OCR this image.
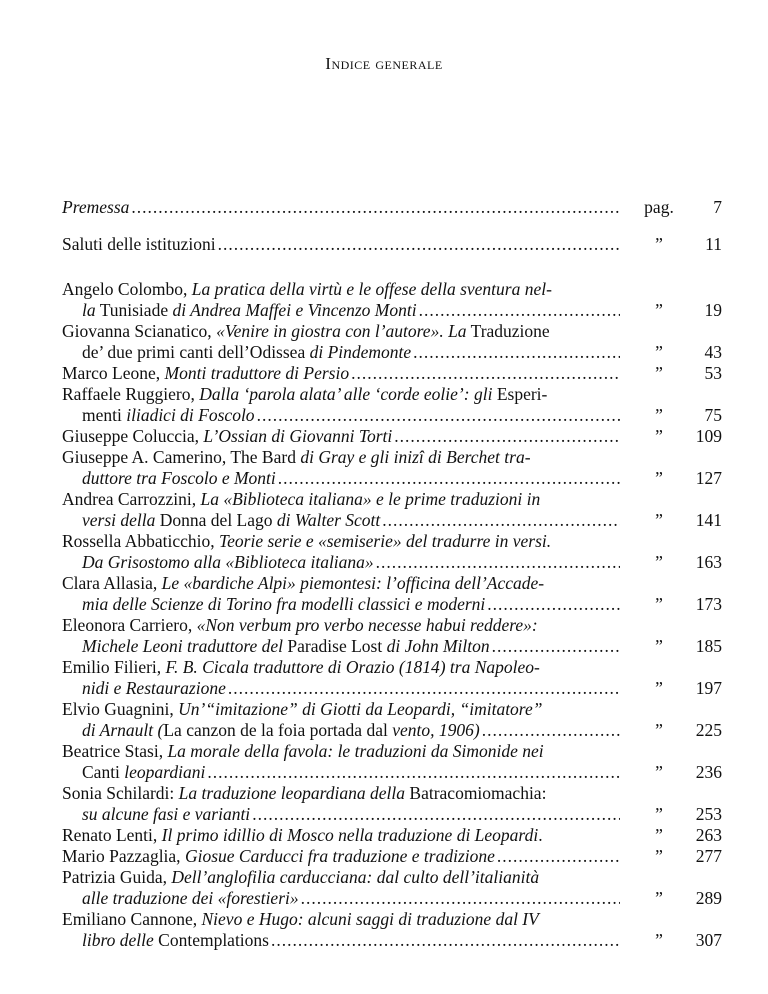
Indice generale
Premessa .....	pag.	7
Saluti delle istituzioni .....	”	11
Angelo Colombo, La pratica della virtù e le offese della sventura nel-
la Tunisiade di Andrea Maffei e Vincenzo Monti .....	”	19
Giovanna Scianatico, «Venire in giostra con l’autore». La Traduzione
de’ due primi canti dell’Odissea di Pindemonte .....	”	43
Marco Leone, Monti traduttore di Persio .....	”	53
Raffaele Ruggiero, Dalla ‘parola alata’ alle ‘corde eolie’: gli Esperi-
menti iliadici di Foscolo .....	”	75
Giuseppe Coluccia, L’Ossian di Giovanni Torti .....	”	109
Giuseppe A. Camerino, The Bard di Gray e gli inizî di Berchet tra-
duttore tra Foscolo e Monti .....	”	127
Andrea Carrozzini, La «Biblioteca italiana» e le prime traduzioni in
versi della Donna del Lago di Walter Scott .....	”	141
Rossella Abbaticchio, Teorie serie e «semiserie» del tradurre in versi.
Da Grisostomo alla «Biblioteca italiana» .....	”	163
Clara Allasia, Le «bardiche Alpi» piemontesi: l’officina dell’Accade-
mia delle Scienze di Torino fra modelli classici e moderni .....	”	173
Eleonora Carriero, «Non verbum pro verbo necesse habui reddere»:
Michele Leoni traduttore del Paradise Lost di John Milton .....	”	185
Emilio Filieri, F. B. Cicala traduttore di Orazio (1814) tra Napoleo-
nidi e Restaurazione .....	”	197
Elvio Guagnini, Un’“imitazione” di Giotti da Leopardi, “imitatore”
di Arnault (La canzon de la foia portada dal vento, 1906) .....	”	225
Beatrice Stasi, La morale della favola: le traduzioni da Simonide nei
Canti leopardiani .....	”	236
Sonia Schilardi: La traduzione leopardiana della Batracomiomachia:
su alcune fasi e varianti .....	”	253
Renato Lenti, Il primo idillio di Mosco nella traduzione di Leopardi.	”	263
Mario Pazzaglia, Giosue Carducci fra traduzione e tradizione .....	”	277
Patrizia Guida, Dell’anglofilia carducciana: dal culto dell’italianità
alle traduzione dei «forestieri» .....	”	289
Emiliano Cannone, Nievo e Hugo: alcuni saggi di traduzione dal IV
libro delle Contemplations .....	”	307
